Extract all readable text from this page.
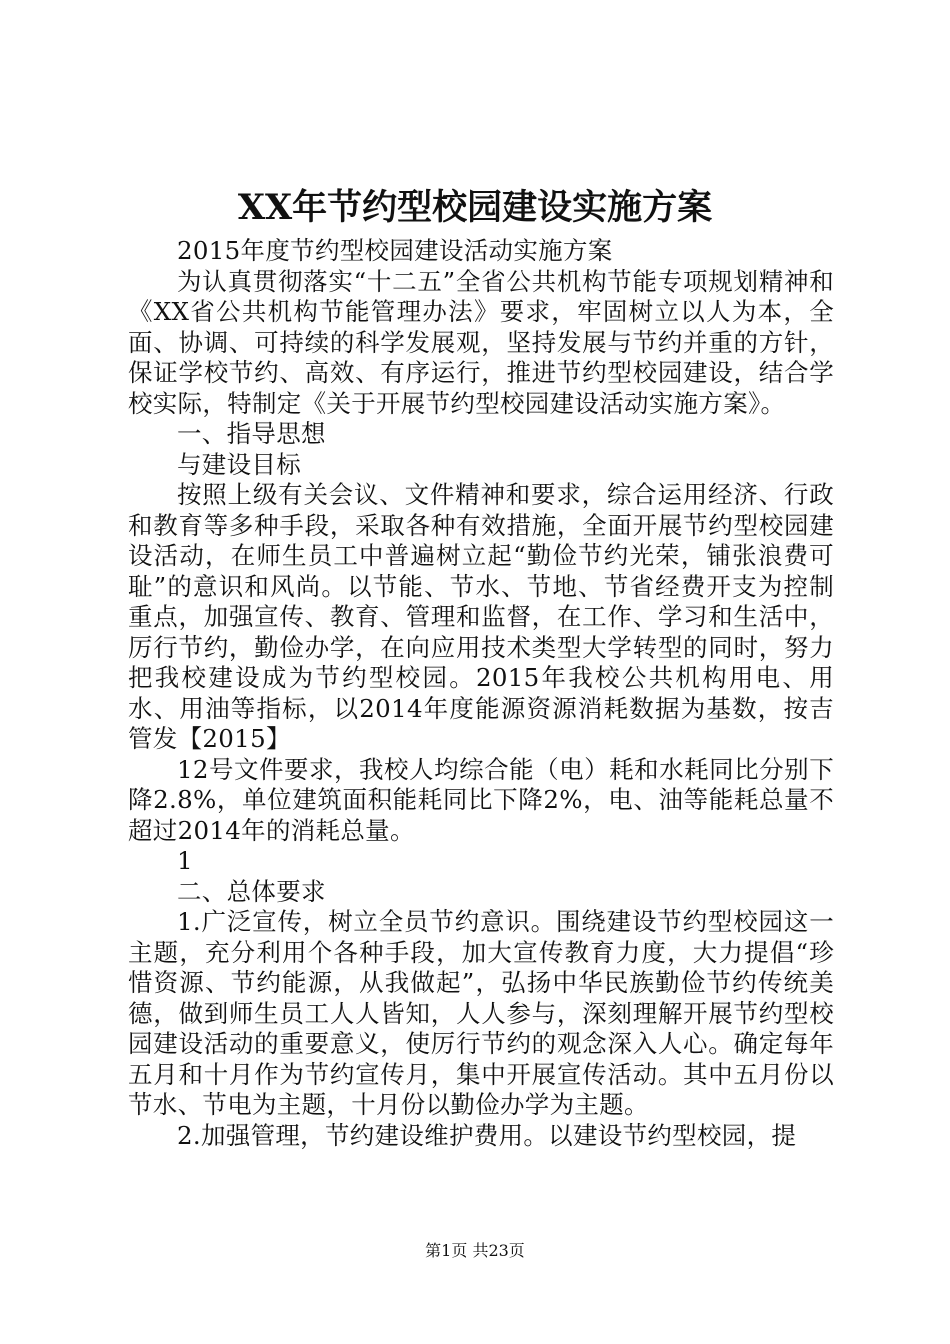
XX年节约型校园建设实施方案

2015年度节约型校园建设活动实施方案

为认真贯彻落实“十二五”全省公共机构节能专项规划精神和《XX省公共机构节能管理办法》要求，牢固树立以人为本，全面、协调、可持续的科学发展观，坚持发展与节约并重的方针，保证学校节约、高效、有序运行，推进节约型校园建设，结合学校实际，特制定《关于开展节约型校园建设活动实施方案》。

一、指导思想

与建设目标

按照上级有关会议、文件精神和要求，综合运用经济、行政和教育等多种手段，采取各种有效措施，全面开展节约型校园建设活动，在师生员工中普遍树立起“勤俭节约光荣，铺张浪费可耻”的意识和风尚。以节能、节水、节地、节省经费开支为控制重点，加强宣传、教育、管理和监督，在工作、学习和生活中，厉行节约，勤俭办学，在向应用技术类型大学转型的同时，努力把我校建设成为节约型校园。2015年我校公共机构用电、用水、用油等指标，以2014年度能源资源消耗数据为基数，按吉管发【2015】

12号文件要求，我校人均综合能（电）耗和水耗同比分别下降2.8%，单位建筑面积能耗同比下降2%，电、油等能耗总量不超过2014年的消耗总量。

1

二、总体要求

1.广泛宣传，树立全员节约意识。围绕建设节约型校园这一主题，充分利用个各种手段，加大宣传教育力度，大力提倡“珍惜资源、节约能源，从我做起”，弘扬中华民族勤俭节约传统美德，做到师生员工人人皆知，人人参与，深刻理解开展节约型校园建设活动的重要意义，使厉行节约的观念深入人心。确定每年五月和十月作为节约宣传月，集中开展宣传活动。其中五月份以节水、节电为主题，十月份以勤俭办学为主题。

2.加强管理，节约建设维护费用。以建设节约型校园，提

第1页 共23页
